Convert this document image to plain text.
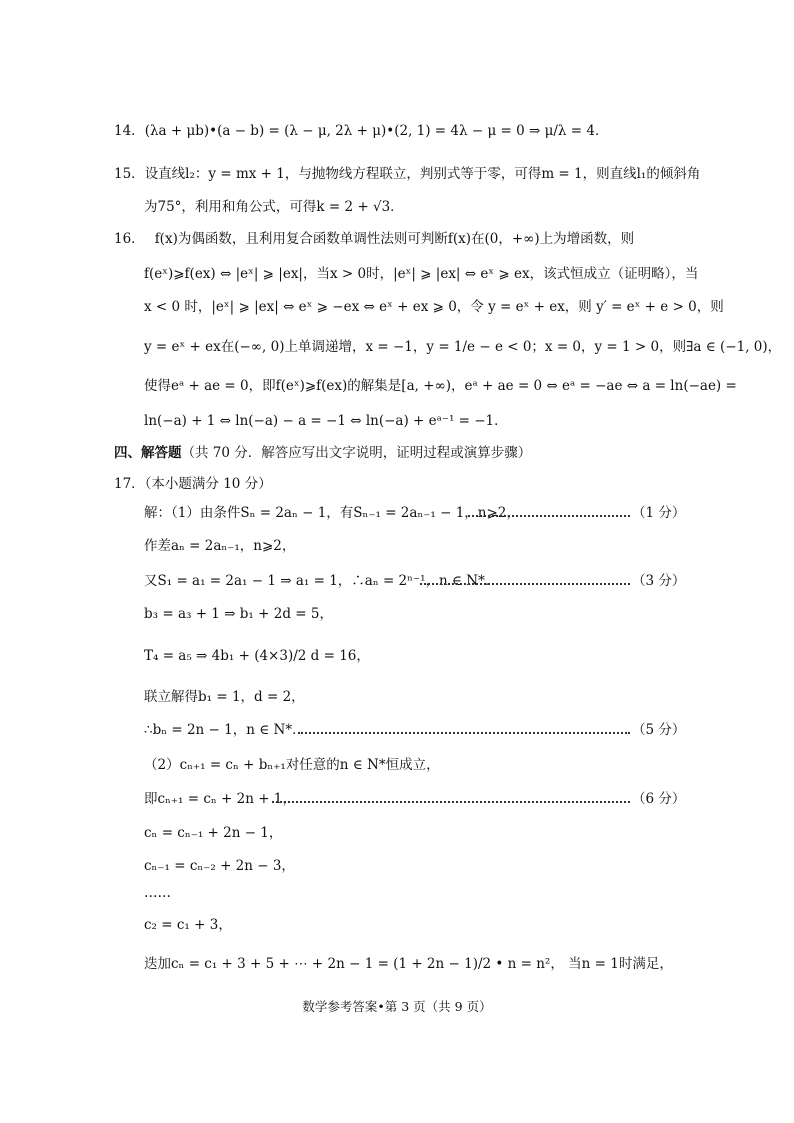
14．(λa + μb)•(a − b) = (λ − μ, 2λ + μ)•(2, 1) = 4λ − μ = 0 ⇒ μ/λ = 4．
15．设直线l₂：y = mx + 1，与抛物线方程联立，判别式等于零，可得m = 1，则直线l₁的倾斜角
为75°，利用和角公式，可得k = 2 + √3．
16． f(x)为偶函数，且利用复合函数单调性法则可判断f(x)在(0，+∞)上为增函数，则
f(eˣ)⩾f(ex) ⇔ |eˣ| ⩾ |ex|，当x > 0时，|eˣ| ⩾ |ex| ⇔ eˣ ⩾ ex，该式恒成立（证明略），当
x < 0 时，|eˣ| ⩾ |ex| ⇔ eˣ ⩾ −ex ⇔ eˣ + ex ⩾ 0，令 y = eˣ + ex，则 y′ = eˣ + e > 0，则
y = eˣ + ex在(−∞, 0)上单调递增，x = −1，y = 1/e − e < 0；x = 0，y = 1 > 0，则∃a ∈ (−1, 0)，
使得eᵃ + ae = 0，即f(eˣ)⩾f(ex)的解集是[a, +∞)，eᵃ + ae = 0 ⇔ eᵃ = −ae ⇔ a = ln(−ae) =
ln(−a) + 1 ⇔ ln(−a) − a = −1 ⇔ ln(−a) + eᵃ⁻¹ = −1．
四、解答题（共 70 分．解答应写出文字说明，证明过程或演算步骤）
17．（本小题满分 10 分）
解：（1）由条件Sₙ = 2aₙ − 1，有Sₙ₋₁ = 2aₙ₋₁ − 1，n⩾2，	（1 分）
作差aₙ = 2aₙ₋₁，n⩾2，
又S₁ = a₁ = 2a₁ − 1 ⇒ a₁ = 1，∴aₙ = 2ⁿ⁻¹，n ∈ N*．	（3 分）
b₃ = a₃ + 1 ⇒ b₁ + 2d = 5，
T₄ = a₅ ⇒ 4b₁ + (4×3)/2 d = 16，
联立解得b₁ = 1，d = 2，
∴bₙ = 2n − 1，n ∈ N*．	（5 分）
（2）cₙ₊₁ = cₙ + bₙ₊₁对任意的n ∈ N*恒成立，
即cₙ₊₁ = cₙ + 2n + 1，	（6 分）
cₙ = cₙ₋₁ + 2n − 1，
cₙ₋₁ = cₙ₋₂ + 2n − 3，
……
c₂ = c₁ + 3，
迭加cₙ = c₁ + 3 + 5 + ⋯ + 2n − 1 = (1 + 2n − 1)/2 • n = n²， 当n = 1时满足，
数学参考答案•第 3 页（共 9 页）
